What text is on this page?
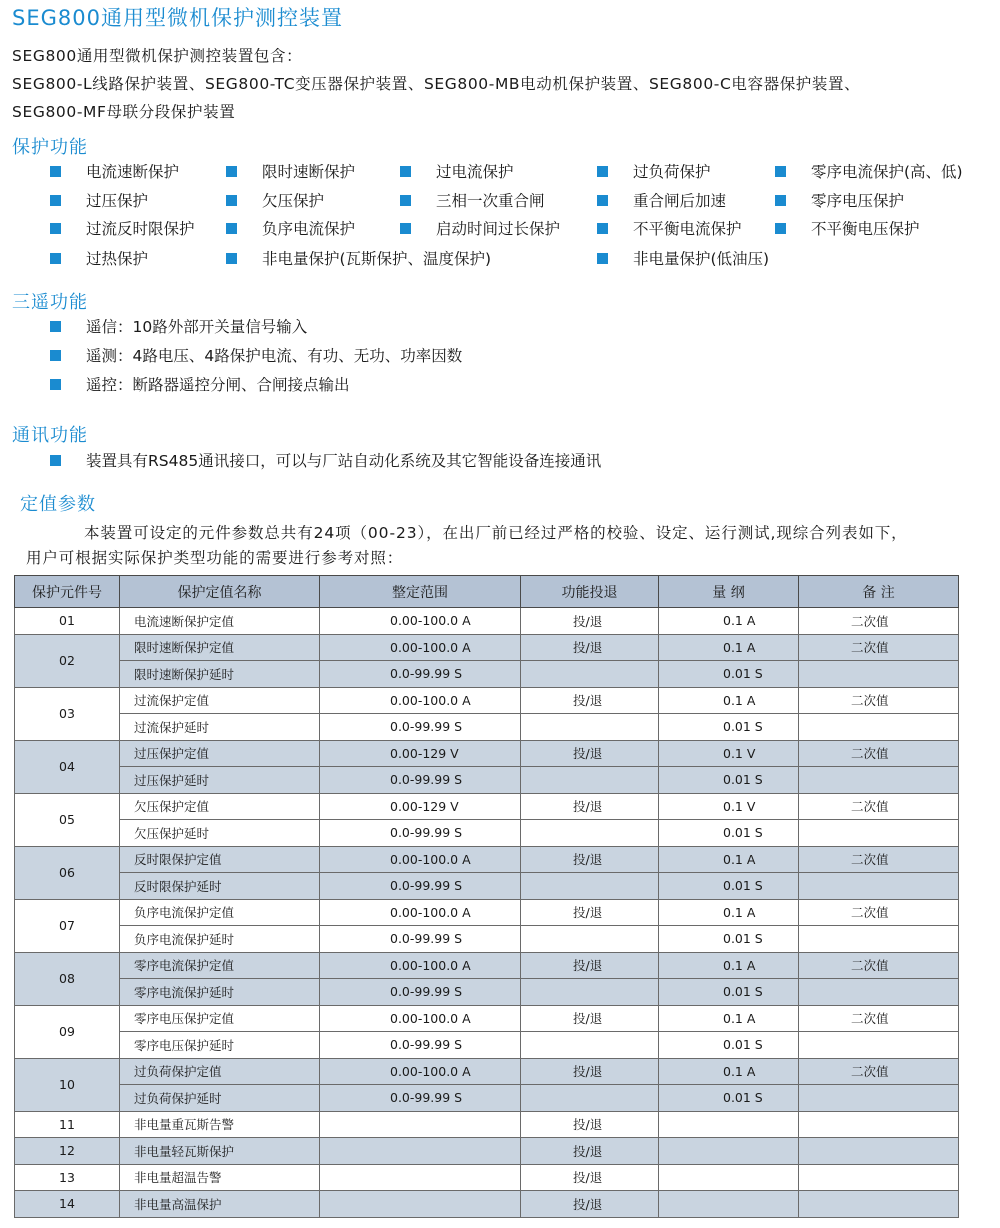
SEG800通用型微机保护测控装置
SEG800通用型微机保护测控装置包含：
SEG800-L线路保护装置、SEG800-TC变压器保护装置、SEG800-MB电动机保护装置、SEG800-C电容器保护装置、
SEG800-MF母联分段保护装置
保护功能
电流速断保护	限时速断保护	过电流保护	过负荷保护	零序电流保护(高、低)
过压保护	欠压保护	三相一次重合闸	重合闸后加速	零序电压保护
过流反时限保护	负序电流保护	启动时间过长保护	不平衡电流保护	不平衡电压保护
过热保护	非电量保护(瓦斯保护、温度保护)	非电量保护(低油压)
三遥功能
遥信：10路外部开关量信号输入
遥测：4路电压、4路保护电流、有功、无功、功率因数
遥控：断路器遥控分闸、合闸接点输出
通讯功能
装置具有RS485通讯接口，可以与厂站自动化系统及其它智能设备连接通讯
定值参数
本装置可设定的元件参数总共有24项（00-23），在出厂前已经过严格的校验、设定、运行测试,现综合列表如下，
用户可根据实际保护类型功能的需要进行参考对照：
保护元件号	保护定值名称	整定范围	功能投退	量 纲	备 注
01	电流速断保护定值	0.00-100.0 A	投/退	0.1 A	二次值
02	限时速断保护定值	0.00-100.0 A	投/退	0.1 A	二次值
	限时速断保护延时	0.0-99.99 S		0.01 S	
03	过流保护定值	0.00-100.0 A	投/退	0.1 A	二次值
	过流保护延时	0.0-99.99 S		0.01 S	
04	过压保护定值	0.00-129 V	投/退	0.1 V	二次值
	过压保护延时	0.0-99.99 S		0.01 S	
05	欠压保护定值	0.00-129 V	投/退	0.1 V	二次值
	欠压保护延时	0.0-99.99 S		0.01 S	
06	反时限保护定值	0.00-100.0 A	投/退	0.1 A	二次值
	反时限保护延时	0.0-99.99 S		0.01 S	
07	负序电流保护定值	0.00-100.0 A	投/退	0.1 A	二次值
	负序电流保护延时	0.0-99.99 S		0.01 S	
08	零序电流保护定值	0.00-100.0 A	投/退	0.1 A	二次值
	零序电流保护延时	0.0-99.99 S		0.01 S	
09	零序电压保护定值	0.00-100.0 A	投/退	0.1 A	二次值
	零序电压保护延时	0.0-99.99 S		0.01 S	
10	过负荷保护定值	0.00-100.0 A	投/退	0.1 A	二次值
	过负荷保护延时	0.0-99.99 S		0.01 S	
11	非电量重瓦斯告警		投/退		
12	非电量轻瓦斯保护		投/退		
13	非电量超温告警		投/退		
14	非电量高温保护		投/退		
